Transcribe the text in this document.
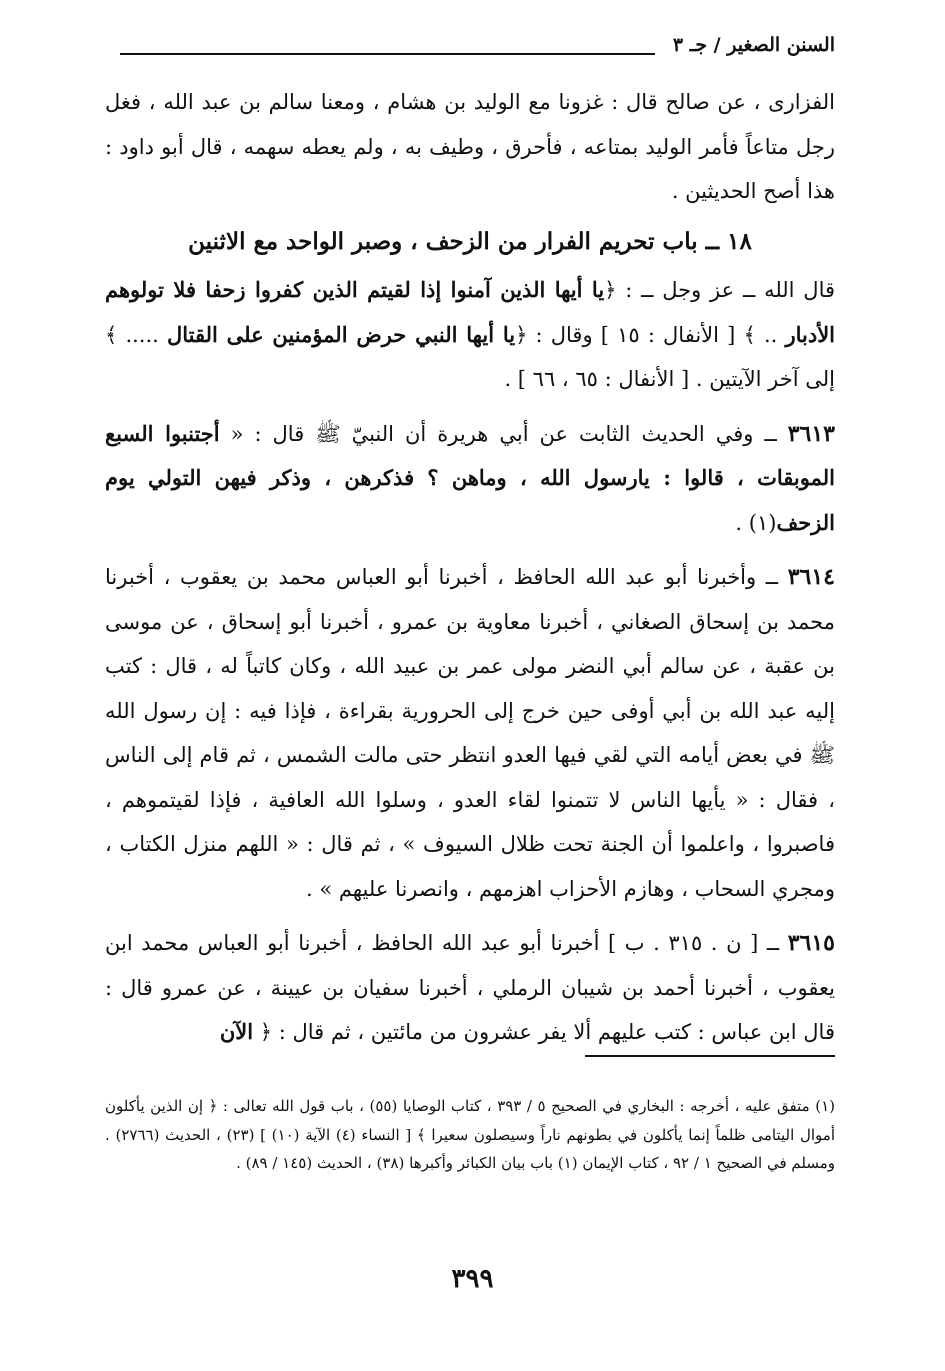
السنن الصغير / جـ ٣

الفزارى ، عن صالح قال : غزونا مع الوليد بن هشام ، ومعنا سالم بن عبد الله ، فغل رجل متاعاً فأمر الوليد بمتاعه ، فأحرق ، وطيف به ، ولم يعطه سهمه ، قال أبو داود : هذا أصح الحديثين .

١٨ ــ باب تحريم الفرار من الزحف ، وصبر الواحد مع الاثنين

قال الله ــ عز وجل ــ : ﴿يا أيها الذين آمنوا إذا لقيتم الذين كفروا زحفا فلا تولوهم الأدبار .. ﴾ [ الأنفال : ١٥ ] وقال : ﴿يا أيها النبي حرض المؤمنين على القتال ..... ﴾ إلى آخر الآيتين . [ الأنفال : ٦٥ ، ٦٦ ] .

٣٦١٣ ــ وفي الحديث الثابت عن أبي هريرة أن النبيّ ﷺ قال : « أجتنبوا السبع الموبقات ، قالوا : يارسول الله ، وماهن ؟ فذكرهن ، وذكر فيهن التولي يوم الزحف(١) .

٣٦١٤ ــ وأخبرنا أبو عبد الله الحافظ ، أخبرنا أبو العباس محمد بن يعقوب ، أخبرنا محمد بن إسحاق الصغاني ، أخبرنا معاوية بن عمرو ، أخبرنا أبو إسحاق ، عن موسى بن عقبة ، عن سالم أبي النضر مولى عمر بن عبيد الله ، وكان كاتباً له ، قال : كتب إليه عبد الله بن أبي أوفى حين خرج إلى الحرورية بقراءة ، فإذا فيه : إن رسول الله ﷺ في بعض أيامه التي لقي فيها العدو انتظر حتى مالت الشمس ، ثم قام إلى الناس ، فقال : « يأيها الناس لا تتمنوا لقاء العدو ، وسلوا الله العافية ، فإذا لقيتموهم ، فاصبروا ، واعلموا أن الجنة تحت ظلال السيوف » ، ثم قال : « اللهم منزل الكتاب ، ومجري السحاب ، وهازم الأحزاب اهزمهم ، وانصرنا عليهم » .

٣٦١٥ ــ [ ن . ٣١٥ . ب ] أخبرنا أبو عبد الله الحافظ ، أخبرنا أبو العباس محمد ابن يعقوب ، أخبرنا أحمد بن شيبان الرملي ، أخبرنا سفيان بن عيينة ، عن عمرو قال : قال ابن عباس : كتب عليهم ألا يفر عشرون من مائتين ، ثم قال : ﴿ الآن

(١) متفق عليه ، أخرجه : البخاري في الصحيح ٥ / ٣٩٣ ، كتاب الوصايا (٥٥) ، باب قول الله تعالى : ﴿ إن الذين يأكلون أموال اليتامى ظلماً إنما يأكلون في بطونهم ناراً وسيصلون سعيرا ﴾ [ النساء (٤) الآية (١٠) ] (٢٣) ، الحديث (٢٧٦٦) . ومسلم في الصحيح ١ / ٩٢ ، كتاب الإيمان (١) باب بيان الكبائر وأكبرها (٣٨) ، الحديث (١٤٥ / ٨٩) .

٣٩٩
